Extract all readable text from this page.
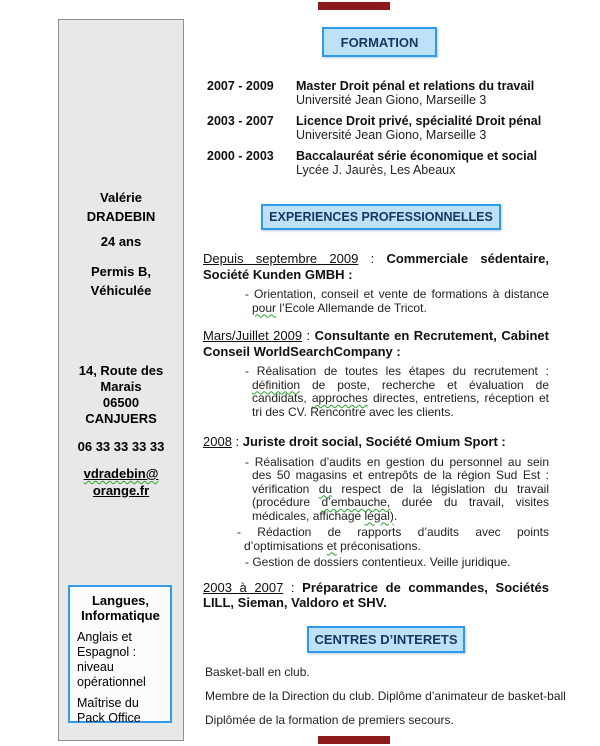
Valérie
DRADEBIN
24 ans
Permis B,
Véhiculée
14, Route des
Marais
06500
CANJUERS
06 33 33 33 33
vdradebin@
orange.fr
Langues,
Informatique

Anglais et Espagnol : niveau opérationnel

Maîtrise du Pack Office

FORMATION
2007 - 2009	Master Droit pénal et relations du travail
Université Jean Giono, Marseille 3
2003 - 2007	Licence Droit privé, spécialité Droit pénal
Université Jean Giono, Marseille 3
2000 - 2003	Baccalauréat série économique et social
Lycée J. Jaurès, Les Abeaux
EXPERIENCES PROFESSIONNELLES

Depuis septembre 2009 : Commerciale sédentaire, Société Kunden GMBH :

- Orientation, conseil et vente de formations à distance pour l’Ecole Allemande de Tricot.

Mars/Juillet 2009 : Consultante en Recrutement, Cabinet Conseil WorldSearchCompany :

- Réalisation de toutes les étapes du recrutement : définition de poste, recherche et évaluation de candidats, approches directes, entretiens, réception et tri des CV. Rencontre avec les clients.

2008 : Juriste droit social, Société Omium Sport :

- Réalisation d’audits en gestion du personnel au sein des 50 magasins et entrepôts de la région Sud Est : vérification du respect de la législation du travail (procédure d’embauche, durée du travail, visites médicales, affichage légal).

- Rédaction de rapports d’audits avec points d’optimisations et préconisations.

- Gestion de dossiers contentieux. Veille juridique.

2003 à 2007 : Préparatrice de commandes, Sociétés LILL, Sieman, Valdoro et SHV.

CENTRES D’INTERETS

Basket-ball en club.

Membre de la Direction du club. Diplôme d’animateur de basket-ball

Diplômée de la formation de premiers secours.
